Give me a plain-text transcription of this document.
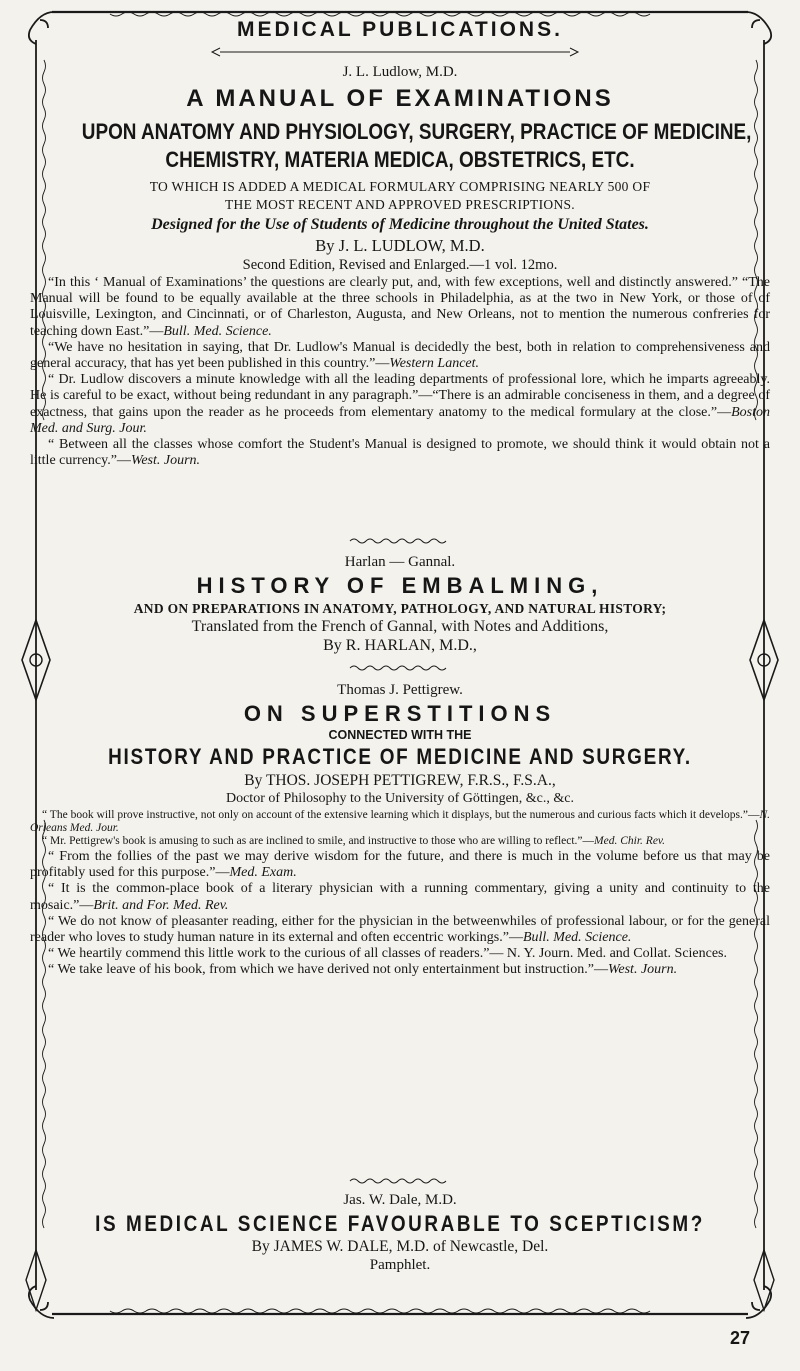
MEDICAL PUBLICATIONS.
J. L. Ludlow, M.D.
A MANUAL OF EXAMINATIONS
UPON ANATOMY AND PHYSIOLOGY, SURGERY, PRACTICE OF MEDICINE,
CHEMISTRY, MATERIA MEDICA, OBSTETRICS, ETC.
TO WHICH IS ADDED A MEDICAL FORMULARY COMPRISING NEARLY 500 OF
THE MOST RECENT AND APPROVED PRESCRIPTIONS.
Designed for the Use of Students of Medicine throughout the United States.
By J. L. LUDLOW, M.D.
Second Edition, Revised and Enlarged.—1 vol. 12mo.

“In this ‘ Manual of Examinations’ the questions are clearly put, and, with few exceptions, well and distinctly answered.” “The Manual will be found to be equally available at the three schools in Philadelphia, as at the two in New York, or those of of Louisville, Lexington, and Cincinnati, or of Charleston, Augusta, and New Orleans, not to mention the numerous confreries for teaching down East.”—Bull. Med. Science.

“We have no hesitation in saying, that Dr. Ludlow's Manual is decidedly the best, both in relation to comprehensiveness and general accuracy, that has yet been published in this country.”—Western Lancet.

“ Dr. Ludlow discovers a minute knowledge with all the leading departments of professional lore, which he imparts agreeably. He is careful to be exact, without being redundant in any paragraph.”—“There is an admirable conciseness in them, and a degree of exactness, that gains upon the reader as he proceeds from elementary anatomy to the medical formulary at the close.”—Boston Med. and Surg. Jour.

“ Between all the classes whose comfort the Student's Manual is designed to promote, we should think it would obtain not a little currency.”—West. Journ.

Harlan — Gannal.
HISTORY OF EMBALMING,
AND ON PREPARATIONS IN ANATOMY, PATHOLOGY, AND NATURAL HISTORY;
Translated from the French of Gannal, with Notes and Additions,
By R. HARLAN, M.D.,
Thomas J. Pettigrew.
ON SUPERSTITIONS
CONNECTED WITH THE
HISTORY AND PRACTICE OF MEDICINE AND SURGERY.
By THOS. JOSEPH PETTIGREW, F.R.S., F.S.A.,
Doctor of Philosophy to the University of Göttingen, &c., &c.

“ The book will prove instructive, not only on account of the extensive learning which it displays, but the numerous and curious facts which it develops.”—N. Orleans Med. Jour.

“ Mr. Pettigrew's book is amusing to such as are inclined to smile, and instructive to those who are willing to reflect.”—Med. Chir. Rev.

“ From the follies of the past we may derive wisdom for the future, and there is much in the volume before us that may be profitably used for this purpose.”—Med. Exam.

“ It is the common-place book of a literary physician with a running commentary, giving a unity and continuity to the mosaic.”—Brit. and For. Med. Rev.

“ We do not know of pleasanter reading, either for the physician in the betweenwhiles of professional labour, or for the general reader who loves to study human nature in its external and often eccentric workings.”—Bull. Med. Science.

“ We heartily commend this little work to the curious of all classes of readers.”— N. Y. Journ. Med. and Collat. Sciences.

“ We take leave of his book, from which we have derived not only entertainment but instruction.”—West. Journ.

Jas. W. Dale, M.D.
IS MEDICAL SCIENCE FAVOURABLE TO SCEPTICISM?
By JAMES W. DALE, M.D. of Newcastle, Del.
Pamphlet.
27
